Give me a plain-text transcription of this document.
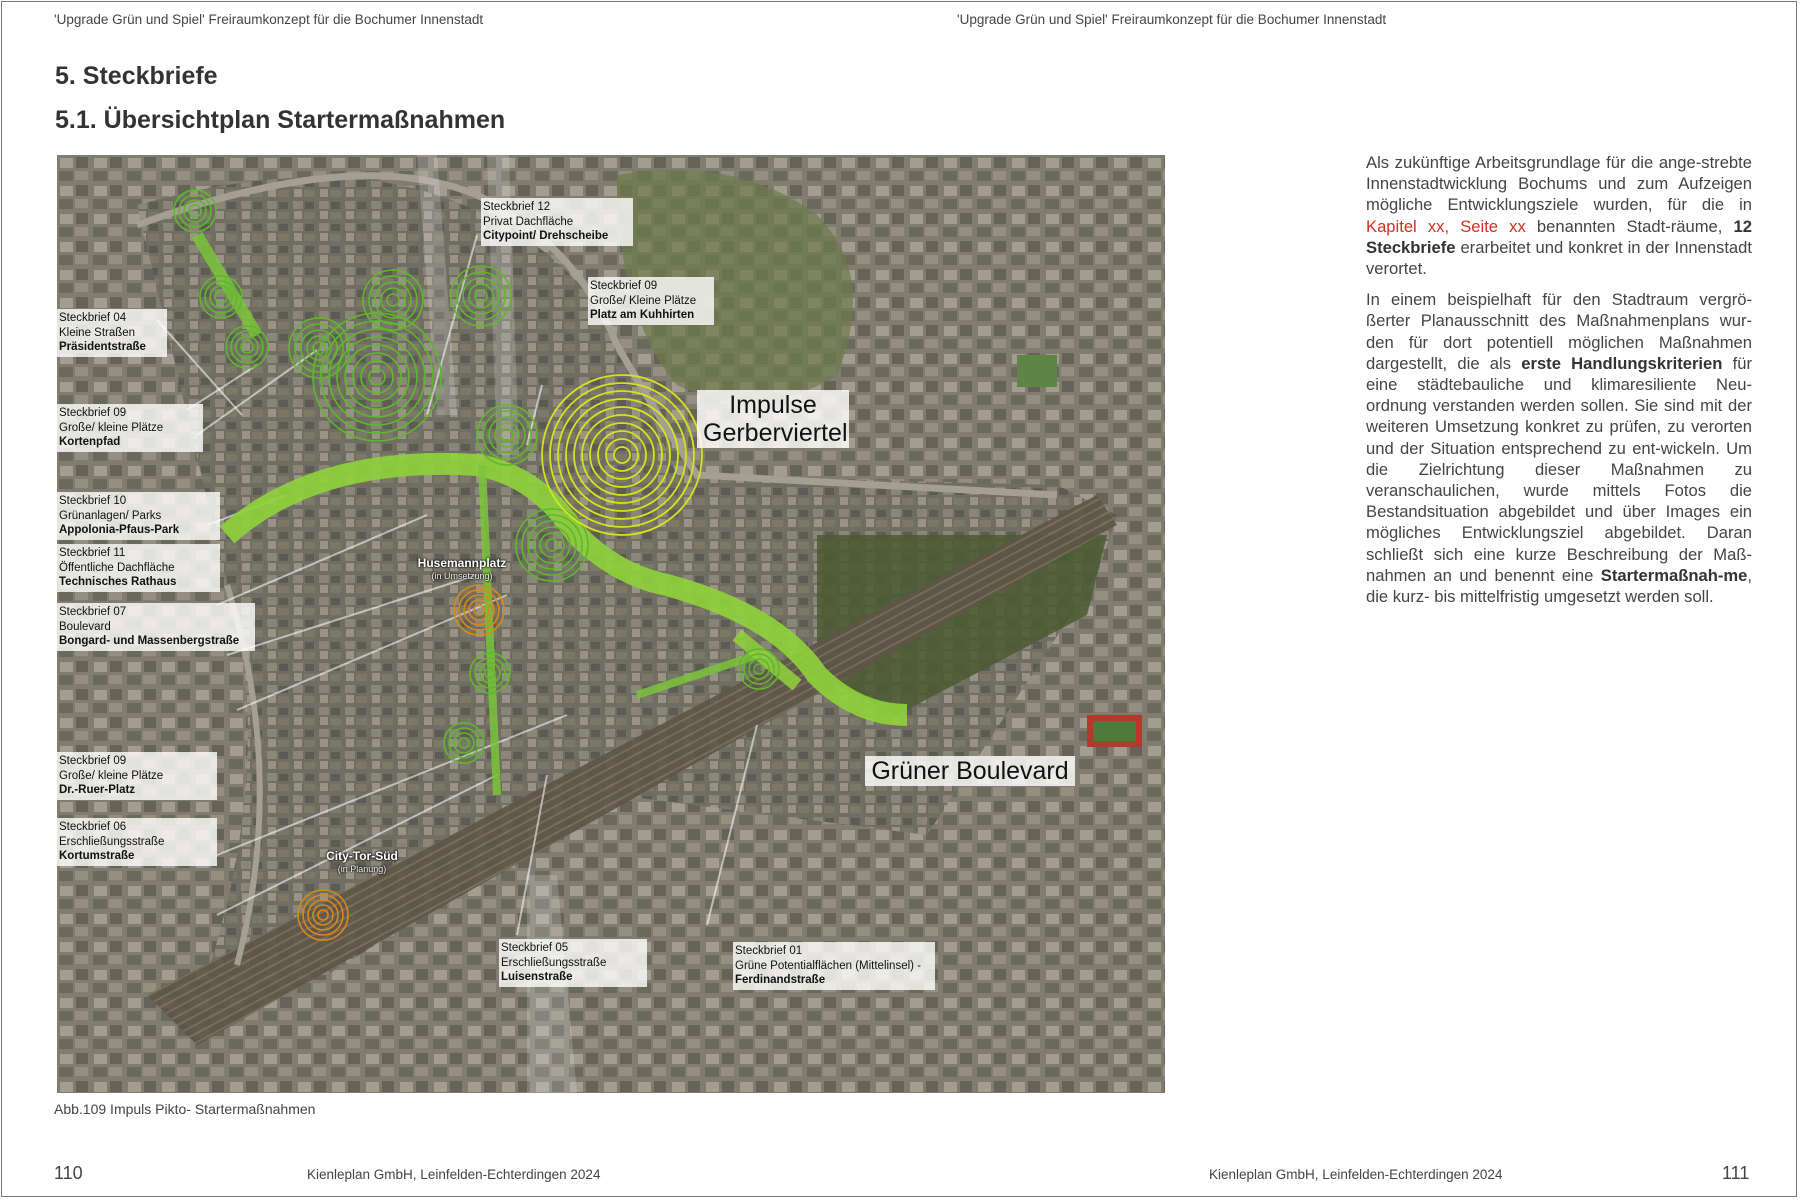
'Upgrade Grün und Spiel' Freiraumkonzept für die Bochumer Innenstadt	'Upgrade Grün und Spiel' Freiraumkonzept für die Bochumer Innenstadt
5. Steckbriefe
5.1. Übersichtplan Startermaßnahmen
Impulse
Gerberviertel
Grüner Boulevard
Husemannplatz
(in Umsetzung)
City-Tor-Süd
(in Planung)
Steckbrief 12
Privat Dachfläche
Citypoint/ Drehscheibe
Steckbrief 09
Große/ Kleine Plätze
Platz am Kuhhirten
Steckbrief 04
Kleine Straßen
Präsidentstraße
Steckbrief 09
Große/ kleine Plätze
Kortenpfad
Steckbrief 10
Grünanlagen/ Parks
Appolonia-Pfaus-Park
Steckbrief 11
Öffentliche Dachfläche
Technisches Rathaus
Steckbrief 07
Boulevard
Bongard- und Massenbergstraße
Steckbrief 09
Große/ kleine Plätze
Dr.-Ruer-Platz
Steckbrief 06
Erschließungsstraße
Kortumstraße
Steckbrief 05
Erschließungsstraße
Luisenstraße
Steckbrief 01
Grüne Potentialflächen (Mittelinsel) -
Ferdinandstraße
Abb.109 Impuls Pikto- Startermaßnahmen

Als zukünftige Arbeitsgrundlage für die ange-strebte Innenstadtwicklung Bochums und zum Aufzeigen mögliche Entwicklungsziele wurden, für die in Kapitel xx, Seite xx benannten Stadt-räume, 12 Steckbriefe erarbeitet und konkret in der Innenstadt verortet.

In einem beispielhaft für den Stadtraum vergrö-ßerter Planausschnitt des Maßnahmenplans wur-den für dort potentiell möglichen Maßnahmen dargestellt, die als erste Handlungskriterien für eine städtebauliche und klimaresiliente Neu-ordnung verstanden werden sollen. Sie sind mit der weiteren Umsetzung konkret zu prüfen, zu verorten und der Situation entsprechend zu ent-wickeln. Um die Zielrichtung dieser Maßnahmen zu veranschaulichen, wurde mittels Fotos die Bestandsituation abgebildet und über Images ein mögliches Entwicklungsziel abgebildet. Daran schließt sich eine kurze Beschreibung der Maß-nahmen an und benennt eine Startermaßnah-me, die kurz- bis mittelfristig umgesetzt werden soll.

110	Kienleplan GmbH, Leinfelden-Echterdingen 2024	Kienleplan GmbH, Leinfelden-Echterdingen 2024	111
